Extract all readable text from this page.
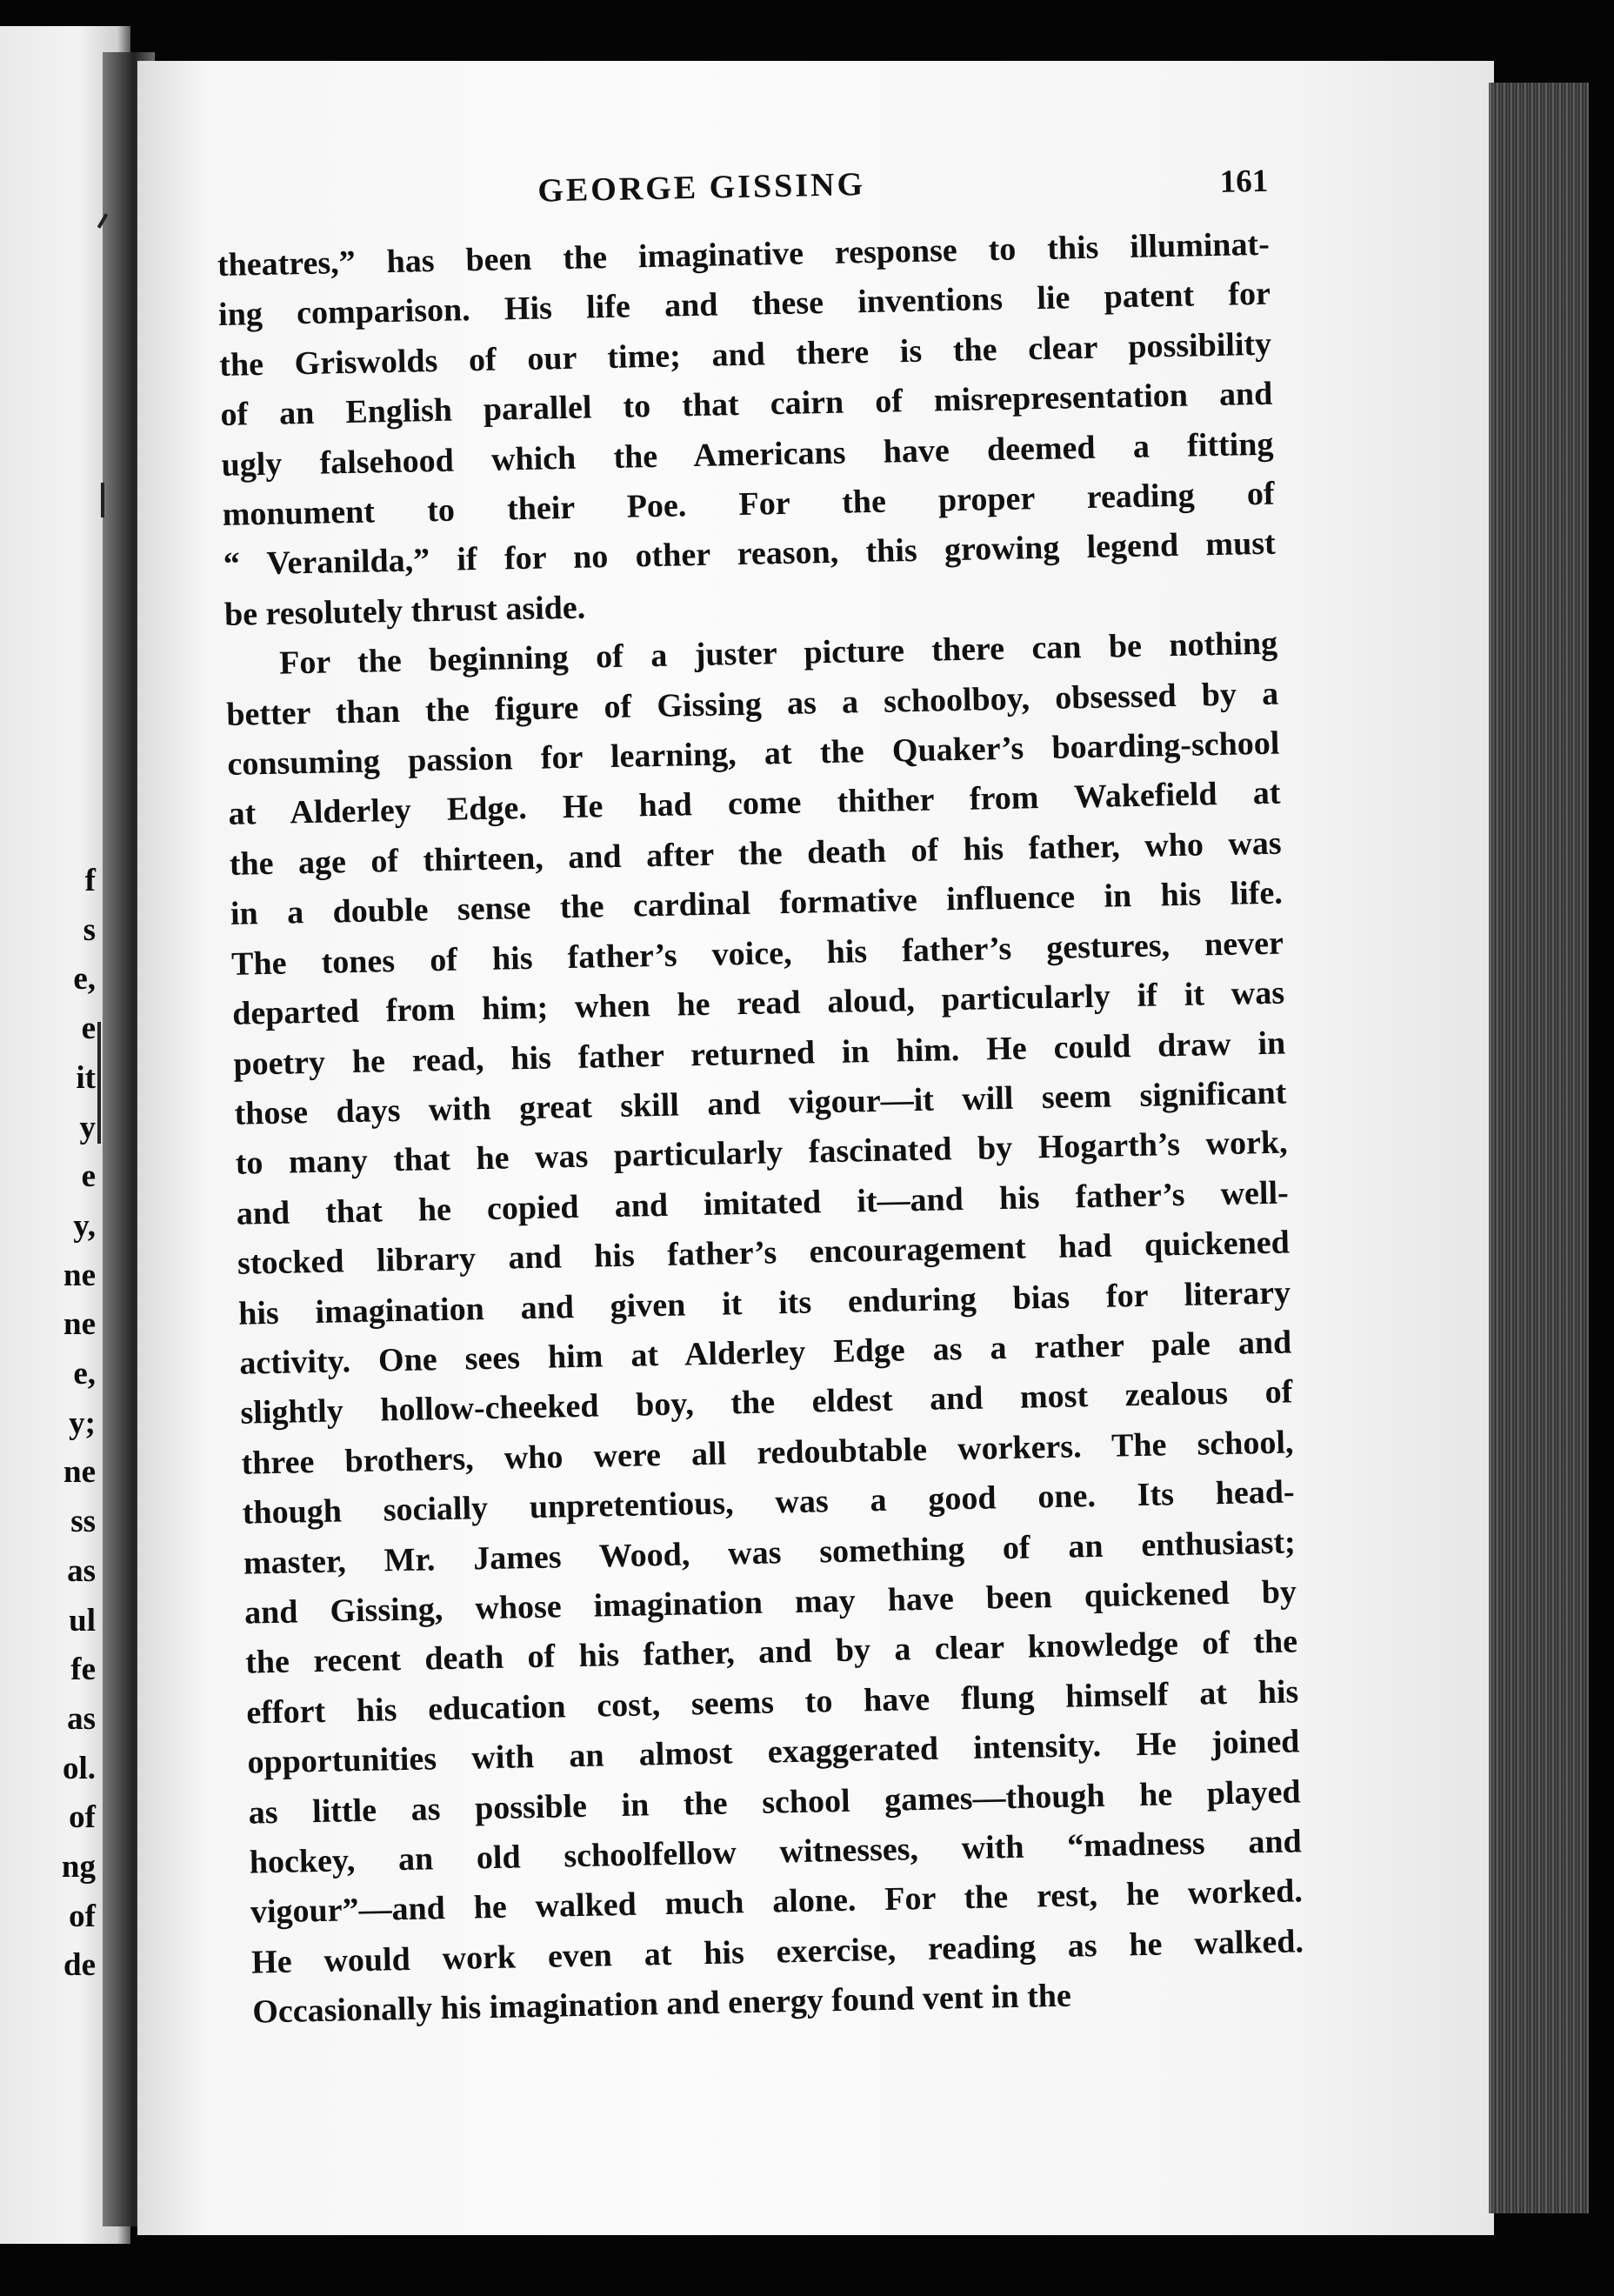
f
s
e,
e
it
y
e
y,
ne
ne
e,
y;
ne
ss
as
ul
fe
as
ol.
of
ng
of
de
GEORGE GISSING	161

theatres,” has been the imaginative response to this illuminat-
ing comparison. His life and these inventions lie patent for
the Griswolds of our time; and there is the clear possibility
of an English parallel to that cairn of misrepresentation and
ugly falsehood which the Americans have deemed a fitting
monument to their Poe. For the proper reading of
“ Veranilda,” if for no other reason, this growing legend must
be resolutely thrust aside.

For the beginning of a juster picture there can be nothing
better than the figure of Gissing as a schoolboy, obsessed by a
consuming passion for learning, at the Quaker’s boarding-school
at Alderley Edge. He had come thither from Wakefield at
the age of thirteen, and after the death of his father, who was
in a double sense the cardinal formative influence in his life.
The tones of his father’s voice, his father’s gestures, never
departed from him; when he read aloud, particularly if it was
poetry he read, his father returned in him. He could draw in
those days with great skill and vigour—it will seem significant
to many that he was particularly fascinated by Hogarth’s work,
and that he copied and imitated it—and his father’s well-
stocked library and his father’s encouragement had quickened
his imagination and given it its enduring bias for literary
activity. One sees him at Alderley Edge as a rather pale and
slightly hollow-cheeked boy, the eldest and most zealous of
three brothers, who were all redoubtable workers. The school,
though socially unpretentious, was a good one. Its head-
master, Mr. James Wood, was something of an enthusiast;
and Gissing, whose imagination may have been quickened by
the recent death of his father, and by a clear knowledge of the
effort his education cost, seems to have flung himself at his
opportunities with an almost exaggerated intensity. He joined
as little as possible in the school games—though he played
hockey, an old schoolfellow witnesses, with “madness and
vigour”—and he walked much alone. For the rest, he worked.
He would work even at his exercise, reading as he walked.
Occasionally his imagination and energy found vent in the
